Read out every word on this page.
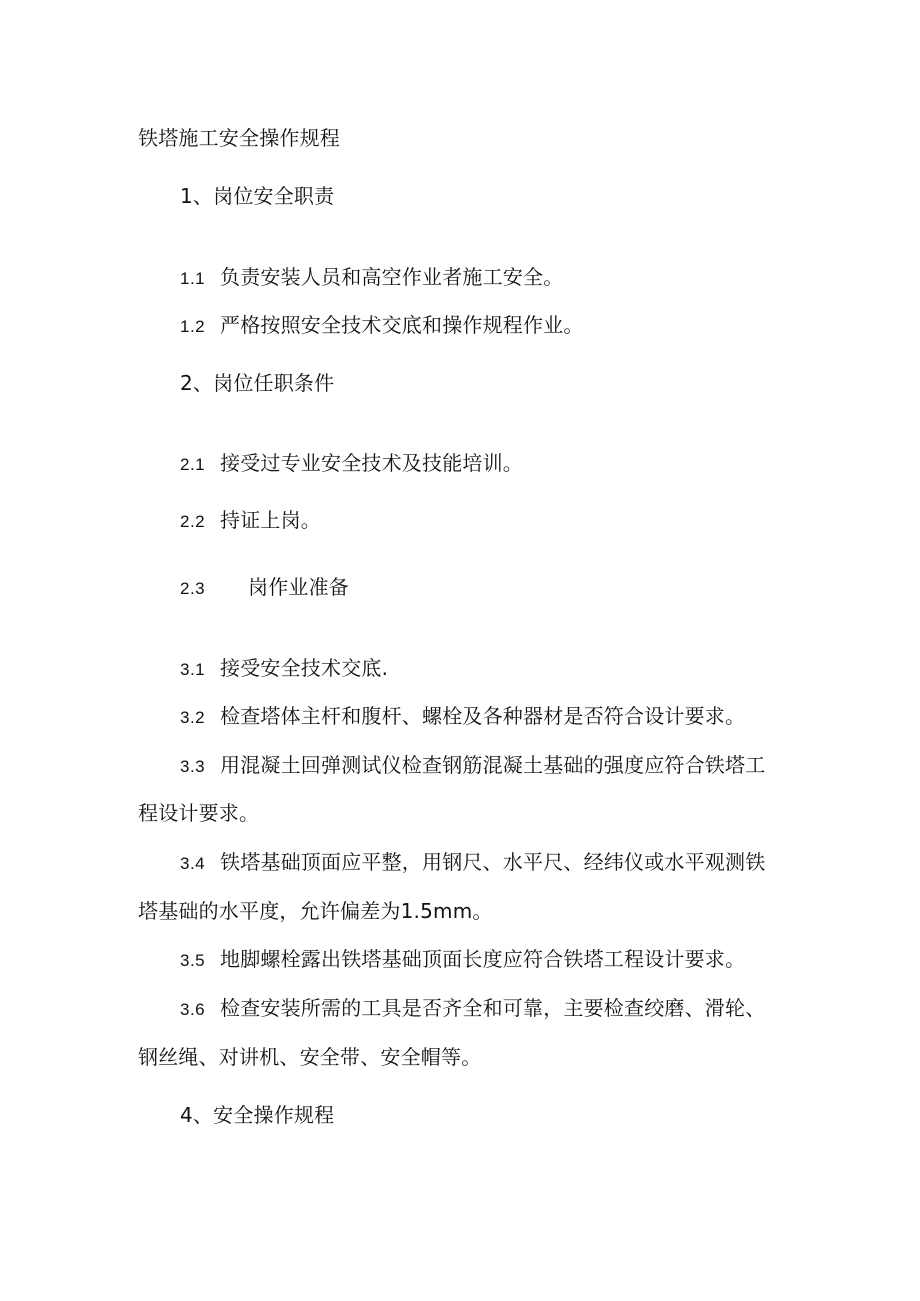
铁塔施工安全操作规程
1、岗位安全职责
1.1 负责安装人员和高空作业者施工安全。
1.2 严格按照安全技术交底和操作规程作业。
2、岗位任职条件
2.1 接受过专业安全技术及技能培训。
2.2 持证上岗。
2.3 岗作业准备
3.1 接受安全技术交底.
3.2 检查塔体主杆和腹杆、螺栓及各种器材是否符合设计要求。
3.3 用混凝土回弹测试仪检查钢筋混凝土基础的强度应符合铁塔工
程设计要求。
3.4 铁塔基础顶面应平整，用钢尺、水平尺、经纬仪或水平观测铁
塔基础的水平度，允许偏差为1.5mm。
3.5 地脚螺栓露出铁塔基础顶面长度应符合铁塔工程设计要求。
3.6 检查安装所需的工具是否齐全和可靠，主要检查绞磨、滑轮、
钢丝绳、对讲机、安全带、安全帽等。
4、安全操作规程
